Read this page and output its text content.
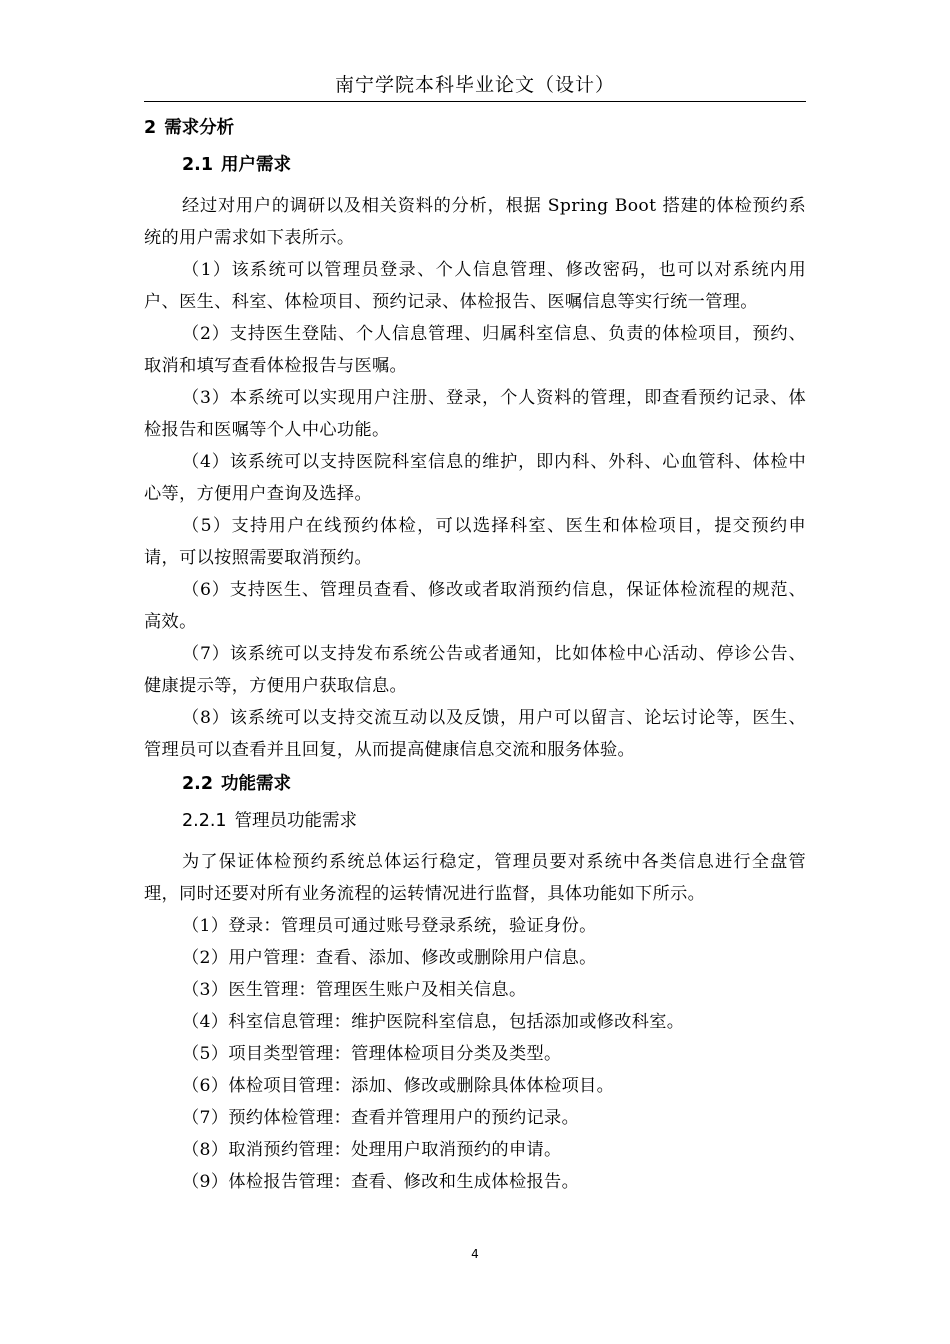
南宁学院本科毕业论文（设计）
2 需求分析
2.1 用户需求
经过对用户的调研以及相关资料的分析，根据 Spring Boot 搭建的体检预约系统的用户需求如下表所示。
（1）该系统可以管理员登录、个人信息管理、修改密码，也可以对系统内用户、医生、科室、体检项目、预约记录、体检报告、医嘱信息等实行统一管理。
（2）支持医生登陆、个人信息管理、归属科室信息、负责的体检项目，预约、取消和填写查看体检报告与医嘱。
（3）本系统可以实现用户注册、登录，个人资料的管理，即查看预约记录、体检报告和医嘱等个人中心功能。
（4）该系统可以支持医院科室信息的维护，即内科、外科、心血管科、体检中心等，方便用户查询及选择。
（5）支持用户在线预约体检，可以选择科室、医生和体检项目，提交预约申请，可以按照需要取消预约。
（6）支持医生、管理员查看、修改或者取消预约信息，保证体检流程的规范、高效。
（7）该系统可以支持发布系统公告或者通知，比如体检中心活动、停诊公告、健康提示等，方便用户获取信息。
（8）该系统可以支持交流互动以及反馈，用户可以留言、论坛讨论等，医生、管理员可以查看并且回复，从而提高健康信息交流和服务体验。
2.2 功能需求
2.2.1 管理员功能需求
为了保证体检预约系统总体运行稳定，管理员要对系统中各类信息进行全盘管理，同时还要对所有业务流程的运转情况进行监督，具体功能如下所示。
（1）登录：管理员可通过账号登录系统，验证身份。
（2）用户管理：查看、添加、修改或删除用户信息。
（3）医生管理：管理医生账户及相关信息。
（4）科室信息管理：维护医院科室信息，包括添加或修改科室。
（5）项目类型管理：管理体检项目分类及类型。
（6）体检项目管理：添加、修改或删除具体体检项目。
（7）预约体检管理：查看并管理用户的预约记录。
（8）取消预约管理：处理用户取消预约的申请。
（9）体检报告管理：查看、修改和生成体检报告。
4
